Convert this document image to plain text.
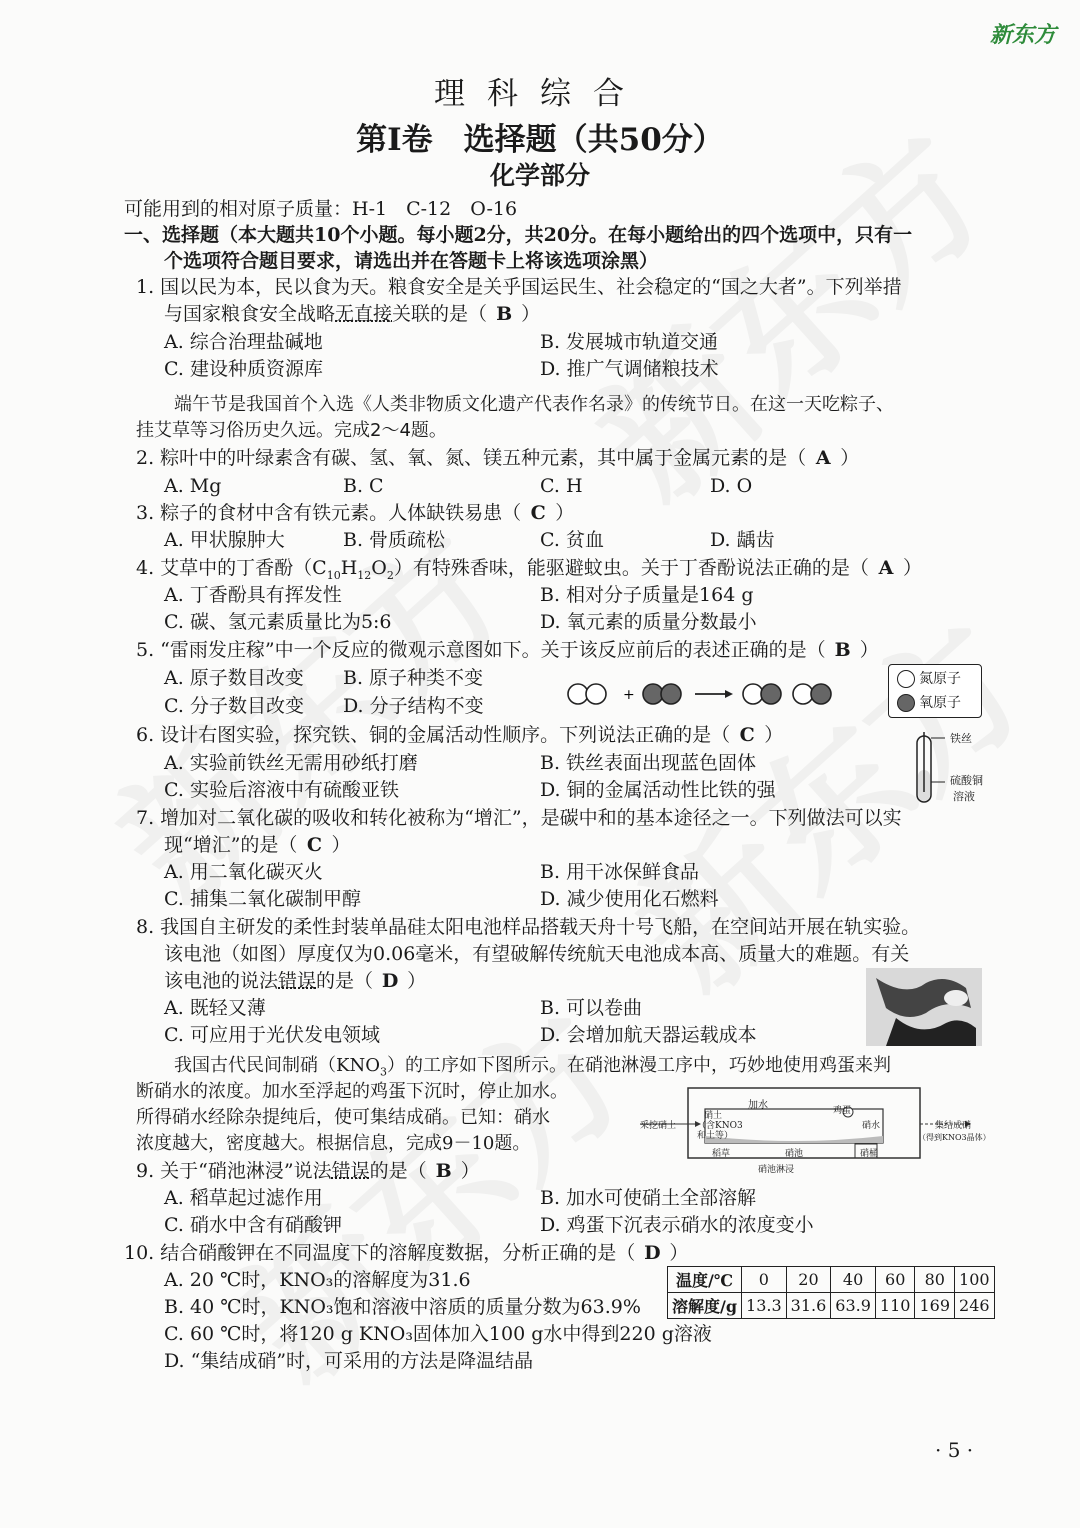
新东方
理科综合
第Ⅰ卷　选择题（共50分）
化学部分
可能用到的相对原子质量：H-1　C-12　O-16
一、选择题（本大题共10个小题。每小题2分，共20分。在每小题给出的四个选项中，只有一
个选项符合题目要求，请选出并在答题卡上将该选项涂黑）
1. 国以民为本，民以食为天。粮食安全是关乎国运民生、社会稳定的“国之大者”。下列举措
与国家粮食安全战略无直接关联的是（ B ）
A. 综合治理盐碱地	B. 发展城市轨道交通
C. 建设种质资源库	D. 推广气调储粮技术
端午节是我国首个入选《人类非物质文化遗产代表作名录》的传统节日。在这一天吃粽子、
挂艾草等习俗历史久远。完成2～4题。
2. 粽叶中的叶绿素含有碳、氢、氧、氮、镁五种元素，其中属于金属元素的是（ A ）
A. Mg	B. C	C. H	D. O
3. 粽子的食材中含有铁元素。人体缺铁易患（ C ）
A. 甲状腺肿大	B. 骨质疏松	C. 贫血	D. 龋齿
4. 艾草中的丁香酚$(C_{10}H_{12}O_2)$有特殊香味，能驱避蚊虫。关于丁香酚说法正确的是（ A ）
A. 丁香酚具有挥发性	B. 相对分子质量是164 g
C. 碳、氢元素质量比为5:6	D. 氧元素的质量分数最小
5. “雷雨发庄稼”中一个反应的微观示意图如下。关于该反应前后的表述正确的是（ B ）
A. 原子数目改变 B. 原子种类不变
C. 分子数目改变 D. 分子结构不变	+
氮原子
氧原子
6. 设计右图实验，探究铁、铜的金属活动性顺序。下列说法正确的是（ C ）
A. 实验前铁丝无需用砂纸打磨	B. 铁丝表面出现蓝色固体
C. 实验后溶液中有硫酸亚铁	D. 铜的金属活动性比铁的强
铁丝
硫酸铜
溶液
7. 增加对二氧化碳的吸收和转化被称为“增汇”，是碳中和的基本途径之一。下列做法可以实
现“增汇”的是（ C ）
A. 用二氧化碳灭火	B. 用干冰保鲜食品
C. 捕集二氧化碳制甲醇	D. 减少使用化石燃料
8. 我国自主研发的柔性封装单晶硅太阳电池样品搭载天舟十号飞船，在空间站开展在轨实验。
该电池（如图）厚度仅为0.06毫米，有望破解传统航天电池成本高、质量大的难题。有关
该电池的说法错误的是（ D ）
A. 既轻又薄	B. 可以卷曲
C. 可应用于光伏发电领域	D. 会增加航天器运载成本
我国古代民间制硝$(KNO_3)$的工序如下图所示。在硝池淋漫工序中，巧妙地使用鸡蛋来判
断硝水的浓度。加水至浮起的鸡蛋下沉时，停止加水。
所得硝水经除杂提纯后，使可集结成硝。已知：硝水
浓度越大，密度越大。根据信息，完成9－10题。
加水
硝土
（含KNO3
和土等）
鸡蛋
硝水
稻草	硝池	硝桶
硝池淋浸
采挖硝土	集结成硝
（得到KNO3晶体）
9. 关于“硝池淋浸”说法错误的是（ B ）
A. 稻草起过滤作用	B. 加水可使硝土全部溶解
C. 硝水中含有硝酸钾	D. 鸡蛋下沉表示硝水的浓度变小
10. 结合硝酸钾在不同温度下的溶解度数据，分析正确的是（ D ）
A. 20 ℃时，KNO₃的溶解度为31.6
B. 40 ℃时，KNO₃饱和溶液中溶质的质量分数为63.9%
C. 60 ℃时，将120 g KNO₃固体加入100 g水中得到220 g溶液
D. “集结成硝”时，可采用的方法是降温结晶
温度/℃	0	20	40	60	80	100
溶解度/g	13.3	31.6	63.9	110	169	246
· 5 ·
